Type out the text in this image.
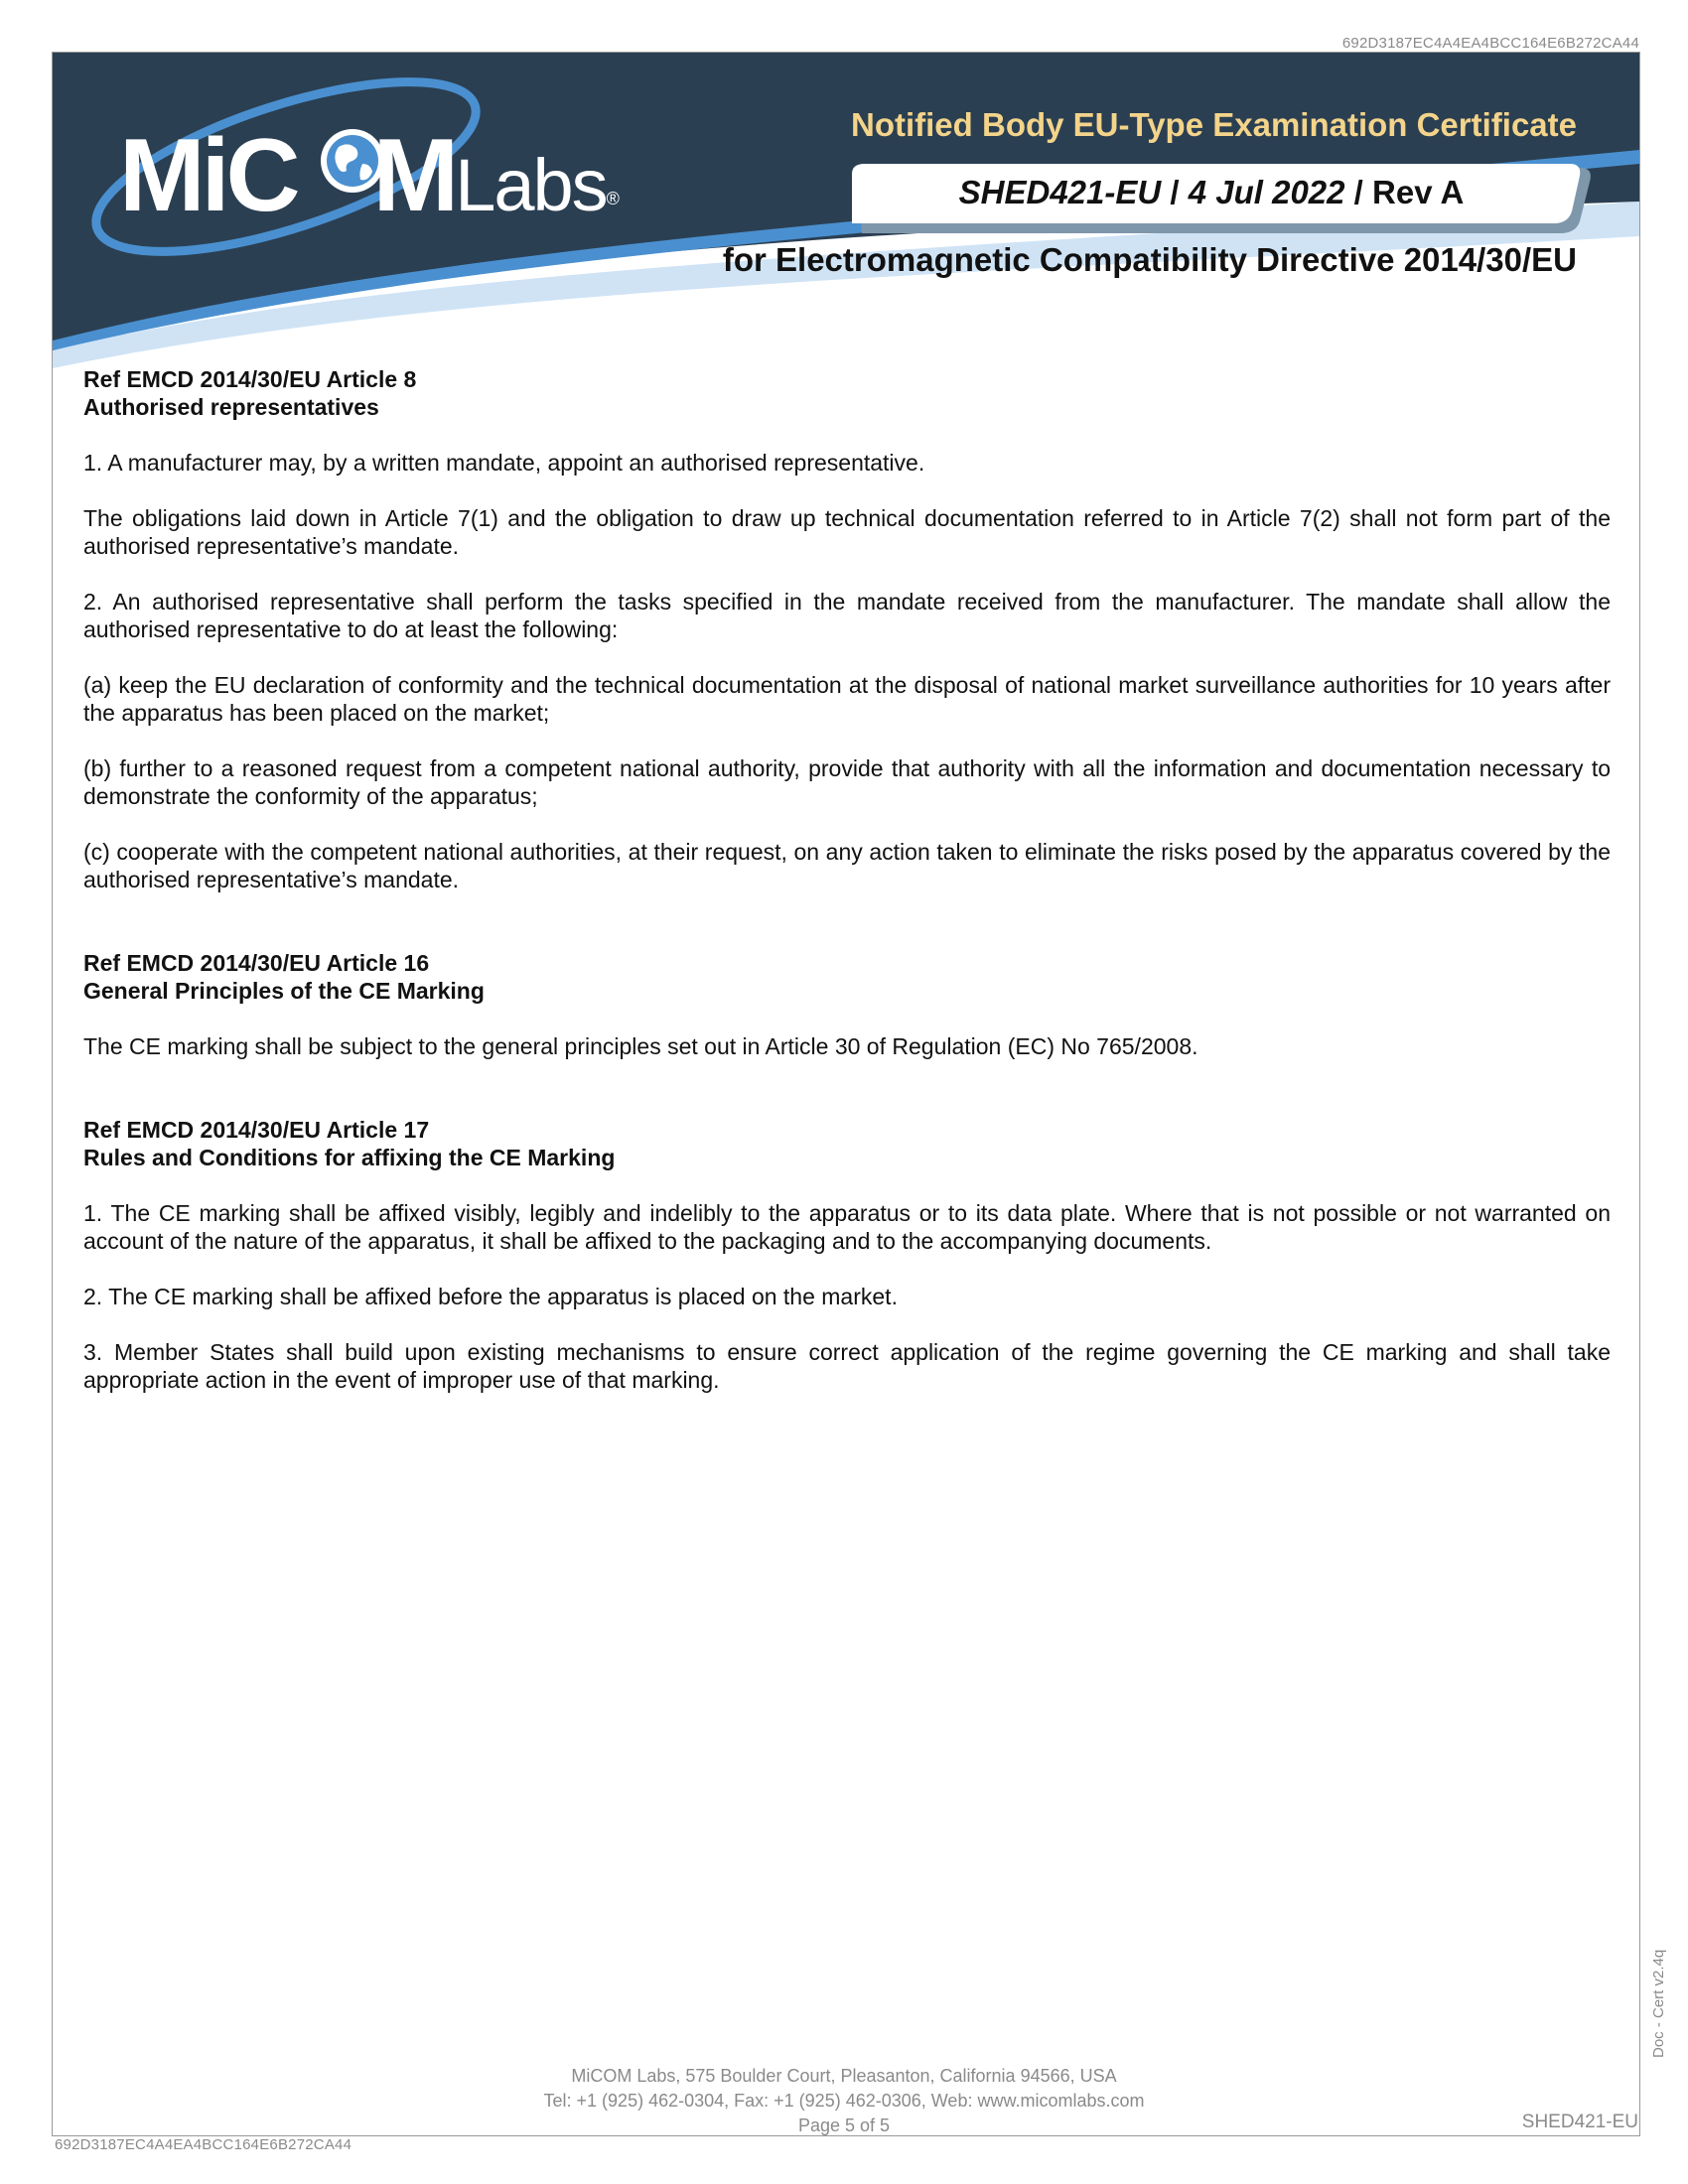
692D3187EC4A4EA4BCC164E6B272CA44
MiC MLabs®
Notified Body EU-Type Examination Certificate
SHED421-EU / 4 Jul 2022 / Rev A
for Electromagnetic Compatibility Directive 2014/30/EU

Ref EMCD 2014/30/EU Article 8

Authorised representatives

1. A manufacturer may, by a written mandate, appoint an authorised representative.

The obligations laid down in Article 7(1) and the obligation to draw up technical documentation referred to in Article 7(2) shall not form part of the authorised representative’s mandate.

2. An authorised representative shall perform the tasks specified in the mandate received from the manufacturer. The mandate shall allow the authorised representative to do at least the following:

(a) keep the EU declaration of conformity and the technical documentation at the disposal of national market surveillance authorities for 10 years after the apparatus has been placed on the market;

(b) further to a reasoned request from a competent national authority, provide that authority with all the information and documentation necessary to demonstrate the conformity of the apparatus;

(c) cooperate with the competent national authorities, at their request, on any action taken to eliminate the risks posed by the apparatus covered by the authorised representative’s mandate.

Ref EMCD 2014/30/EU Article 16

General Principles of the CE Marking

The CE marking shall be subject to the general principles set out in Article 30 of Regulation (EC) No 765/2008.

Ref EMCD 2014/30/EU Article 17

Rules and Conditions for affixing the CE Marking

1. The CE marking shall be affixed visibly, legibly and indelibly to the apparatus or to its data plate. Where that is not possible or not warranted on account of the nature of the apparatus, it shall be affixed to the packaging and to the accompanying documents.

2. The CE marking shall be affixed before the apparatus is placed on the market.

3. Member States shall build upon existing mechanisms to ensure correct application of the regime governing the CE marking and shall take appropriate action in the event of improper use of that marking.

Doc - Cert v2.4q
MiCOM Labs, 575 Boulder Court, Pleasanton, California 94566, USA
Tel: +1 (925) 462-0304, Fax: +1 (925) 462-0306, Web: www.micomlabs.com
Page 5 of 5	SHED421-EU
692D3187EC4A4EA4BCC164E6B272CA44
